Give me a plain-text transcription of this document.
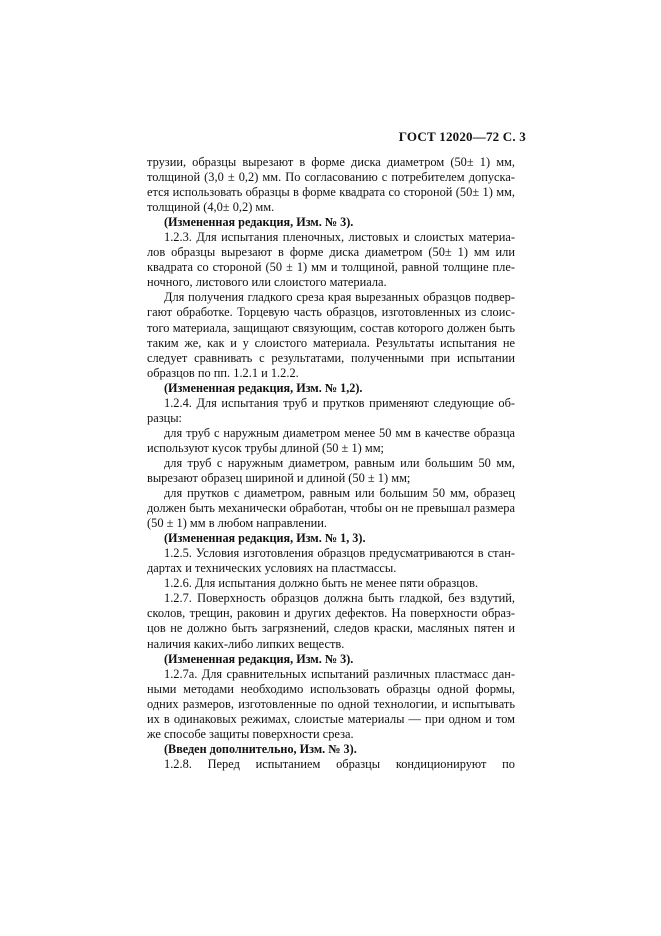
ГОСТ 12020—72 С. 3

трузии, образцы вырезают в форме диска диаметром (50± 1) мм, толщиной (3,0 ± 0,2) мм. По согласованию с потребителем допуска-ется использовать образцы в форме квадрата со стороной (50± 1) мм, толщиной (4,0± 0,2) мм.

(Измененная редакция, Изм. № 3).

1.2.3. Для испытания пленочных, листовых и слоистых материа-лов образцы вырезают в форме диска диаметром (50± 1) мм или квадрата со стороной (50 ± 1) мм и толщиной, равной толщине пле-ночного, листового или слоистого материала.

Для получения гладкого среза края вырезанных образцов подвер-гают обработке. Торцевую часть образцов, изготовленных из слоис-того материала, защищают связующим, состав которого должен быть таким же, как и у слоистого материала. Результаты испытания не следует сравнивать с результатами, полученными при испытании образцов по пп. 1.2.1 и 1.2.2.

(Измененная редакция, Изм. № 1,2).

1.2.4. Для испытания труб и прутков применяют следующие об-разцы:

для труб с наружным диаметром менее 50 мм в качестве образца используют кусок трубы длиной (50 ± 1) мм;

для труб с наружным диаметром, равным или большим 50 мм, вырезают образец шириной и длиной (50 ± 1) мм;

для прутков с диаметром, равным или большим 50 мм, образец должен быть механически обработан, чтобы он не превышал размера (50 ± 1) мм в любом направлении.

(Измененная редакция, Изм. № 1, 3).

1.2.5. Условия изготовления образцов предусматриваются в стан-дартах и технических условиях на пластмассы.

1.2.6. Для испытания должно быть не менее пяти образцов.

1.2.7. Поверхность образцов должна быть гладкой, без вздутий, сколов, трещин, раковин и других дефектов. На поверхности образ-цов не должно быть загрязнений, следов краски, масляных пятен и наличия каких-либо липких веществ.

(Измененная редакция, Изм. № 3).

1.2.7а. Для сравнительных испытаний различных пластмасс дан-ными методами необходимо использовать образцы одной формы, одних размеров, изготовленные по одной технологии, и испытывать их в одинаковых режимах, слоистые материалы — при одном и том же способе защиты поверхности среза.

(Введен дополнительно, Изм. № 3).

1.2.8. Перед испытанием образцы кондиционируют по
